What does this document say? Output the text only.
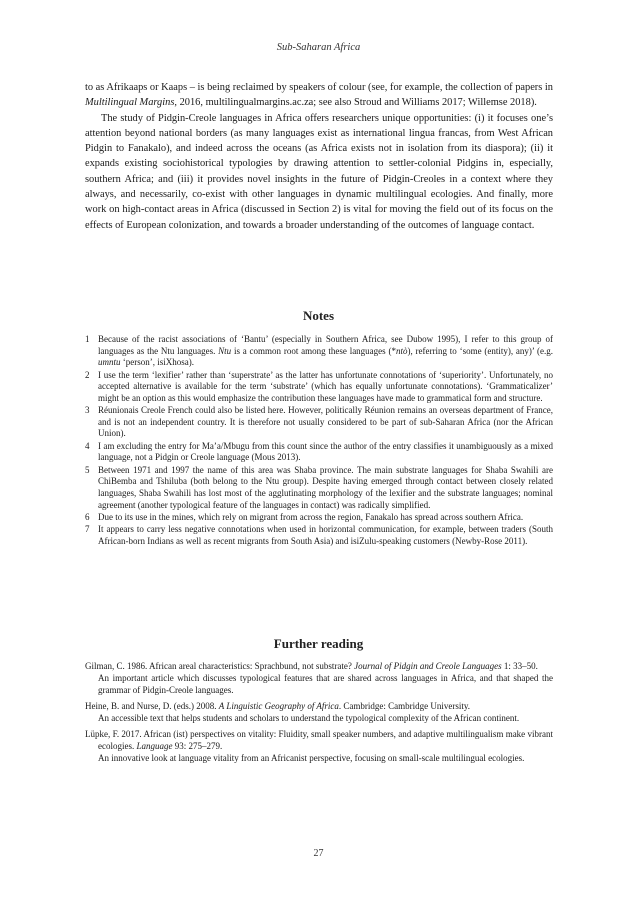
Sub-Saharan Africa

to as Afrikaaps or Kaaps – is being reclaimed by speakers of colour (see, for example, the collection of papers in Multilingual Margins, 2016, multilingualmargins.ac.za; see also Stroud and Williams 2017; Willemse 2018).

The study of Pidgin-Creole languages in Africa offers researchers unique opportunities: (i) it focuses one’s attention beyond national borders (as many languages exist as international lingua francas, from West African Pidgin to Fanakalo), and indeed across the oceans (as Africa exists not in isolation from its diaspora); (ii) it expands existing sociohistorical typologies by drawing attention to settler-colonial Pidgins in, especially, southern Africa; and (iii) it provides novel insights in the future of Pidgin-Creoles in a context where they always, and necessarily, co-exist with other languages in dynamic multilingual ecologies. And finally, more work on high-contact areas in Africa (discussed in Section 2) is vital for moving the field out of its focus on the effects of European colonization, and towards a broader understanding of the outcomes of language contact.

Notes
1 Because of the racist associations of ‘Bantu’ (especially in Southern Africa, see Dubow 1995), I refer to this group of languages as the Ntu languages. Ntu is a common root among these languages (*ntò), referring to ‘some (entity), any)’ (e.g. umntu ‘person’, isiXhosa).
2 I use the term ‘lexifier’ rather than ‘superstrate’ as the latter has unfortunate connotations of ‘superiority’. Unfortunately, no accepted alternative is available for the term ‘substrate’ (which has equally unfortunate connotations). ‘Grammaticalizer’ might be an option as this would emphasize the contribution these languages have made to grammatical form and structure.
3 Réunionais Creole French could also be listed here. However, politically Réunion remains an overseas department of France, and is not an independent country. It is therefore not usually considered to be part of sub-Saharan Africa (nor the African Union).
4 I am excluding the entry for Ma’a/Mbugu from this count since the author of the entry classifies it unambiguously as a mixed language, not a Pidgin or Creole language (Mous 2013).
5 Between 1971 and 1997 the name of this area was Shaba province. The main substrate languages for Shaba Swahili are ChiBemba and Tshiluba (both belong to the Ntu group). Despite having emerged through contact between closely related languages, Shaba Swahili has lost most of the agglutinating morphology of the lexifier and the substrate languages; nominal agreement (another typological feature of the languages in contact) was radically simplified.
6 Due to its use in the mines, which rely on migrant from across the region, Fanakalo has spread across southern Africa.
7 It appears to carry less negative connotations when used in horizontal communication, for example, between traders (South African-born Indians as well as recent migrants from South Asia) and isiZulu-speaking customers (Newby-Rose 2011).
Further reading
Gilman, C. 1986. African areal characteristics: Sprachbund, not substrate? Journal of Pidgin and Creole Languages 1: 33–50.
An important article which discusses typological features that are shared across languages in Africa, and that shaped the grammar of Pidgin-Creole languages.
Heine, B. and Nurse, D. (eds.) 2008. A Linguistic Geography of Africa. Cambridge: Cambridge University.
An accessible text that helps students and scholars to understand the typological complexity of the African continent.
Lüpke, F. 2017. African (ist) perspectives on vitality: Fluidity, small speaker numbers, and adaptive multilingualism make vibrant ecologies. Language 93: 275–279.
An innovative look at language vitality from an Africanist perspective, focusing on small-scale multilingual ecologies.
27
